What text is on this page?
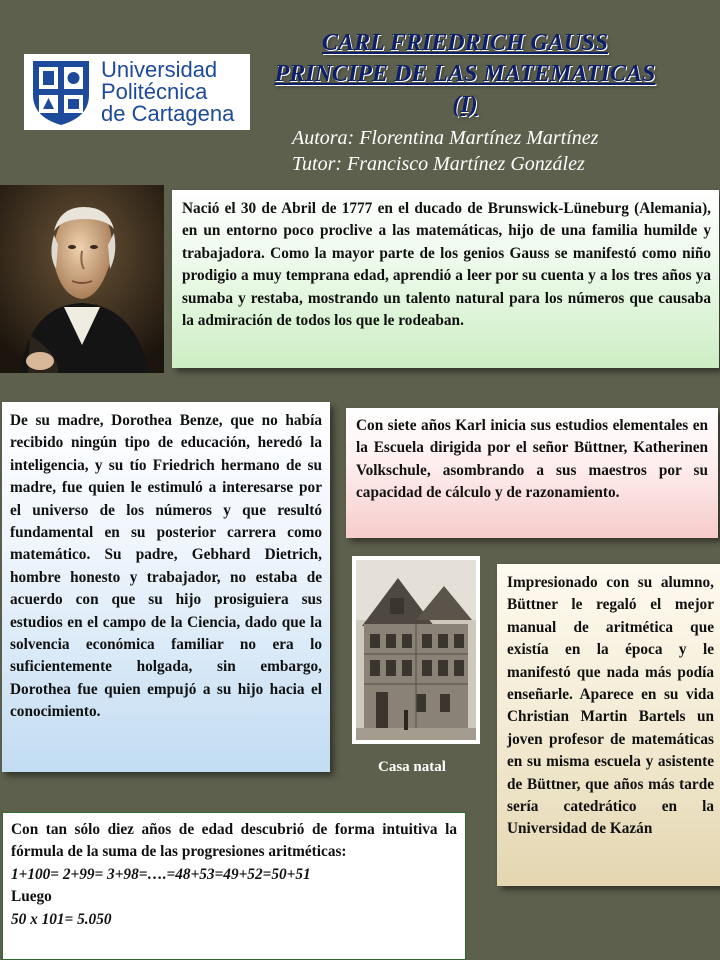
CARL FRIEDRICH GAUSS
PRINCIPE DE LAS MATEMATICAS
(I)
Autora: Florentina Martínez Martínez
Tutor: Francisco Martínez González
Universidad
Politécnica
de Cartagena
Nació el 30 de Abril de 1777 en el ducado de Brunswick-Lüneburg (Alemania), en un entorno poco proclive a las matemáticas, hijo de una familia humilde y trabajadora. Como la mayor parte de los genios Gauss se manifestó como niño prodigio a muy temprana edad, aprendió a leer por su cuenta y a los tres años ya sumaba y restaba, mostrando un talento natural para los números que causaba la admiración de todos los que le rodeaban.
De su madre, Dorothea Benze, que no había recibido ningún tipo de educación, heredó la inteligencia, y su tío Friedrich hermano de su madre, fue quien le estimuló a interesarse por el universo de los números y que resultó fundamental en su posterior carrera como matemático. Su padre, Gebhard Dietrich, hombre honesto y trabajador, no estaba de acuerdo con que su hijo prosiguiera sus estudios en el campo de la Ciencia, dado que la solvencia económica familiar no era lo suficientemente holgada, sin embargo, Dorothea fue quien empujó a su hijo hacia el conocimiento.
Con siete años Karl inicia sus estudios elementales en la Escuela dirigida por el señor Büttner, Katherinen Volkschule, asombrando a sus maestros por su capacidad de cálculo y de razonamiento.
Casa natal
Impresionado con su alumno, Büttner le regaló el mejor manual de aritmética que existía en la época y le manifestó que nada más podía enseñarle. Aparece en su vida Christian Martin Bartels un joven profesor de matemáticas en su misma escuela y asistente de Büttner, que años más tarde sería catedrático en la Universidad de Kazán
Con tan sólo diez años de edad descubrió de forma intuitiva la fórmula de la suma de las progresiones aritméticas:
1+100= 2+99= 3+98=….=48+53=49+52=50+51
Luego
50 x 101= 5.050
